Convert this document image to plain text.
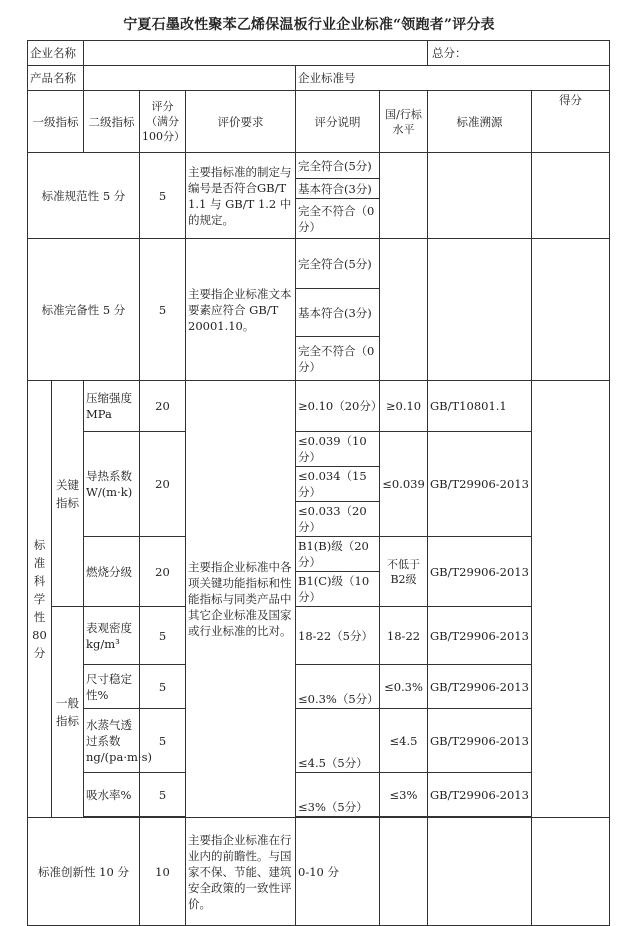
宁夏石墨改性聚苯乙烯保温板行业企业标准“领跑者”评分表
企业名称							总分：		
产品名称					企业标准号				
一级指标		二级指标	评分（满分100分）	评价要求	评分说明	国/行标水平	标准溯源	得分	
标准规范性 5 分			5	主要指标准的制定与编号是否符合GB/T 1.1 与 GB/T 1.2 中的规定。	完全符合(5分)				
					基本符合(3分)				
					完全不符合（0分）				
标准完备性 5 分			5	主要指企业标准文本要素应符合 GB/T 20001.10。	完全符合(5分)				
					基本符合(3分)				
					完全不符合（0分）				
标准科学性80分	关键指标	压缩强度 MPa	20	主要指企业标准中各项关键功能指标和性能指标与同类产品中其它企业标准及国家或行业标准的比对。	≥0.10（20分）	≥0.10	GB/T10801.1		
		导热系数 W/(m·k)	20		≤0.039（10分）	≤0.039	GB/T29906-2013		
					≤0.034（15分）				
					≤0.033（20分）				
		燃烧分级	20		B1(B)级（20分）	不低于B2级	GB/T29906-2013		
					B1(C)级（10分）				
	一般指标	表观密度 kg/m³	5		18-22（5分）	18-22	GB/T29906-2013		
		尺寸稳定性%	5		≤0.3%（5分）	≤0.3%	GB/T29906-2013		
		水蒸气透过系数 ng/(pa·m·s)	5		≤4.5（5分）	≤4.5	GB/T29906-2013		
		吸水率%	5		≤3%（5分）	≤3%	GB/T29906-2013		

标准创新性 10 分			10	主要指企业标准在行业内的前瞻性。与国家不保、节能、建筑安全政策的一致性评价。	0-10 分				
